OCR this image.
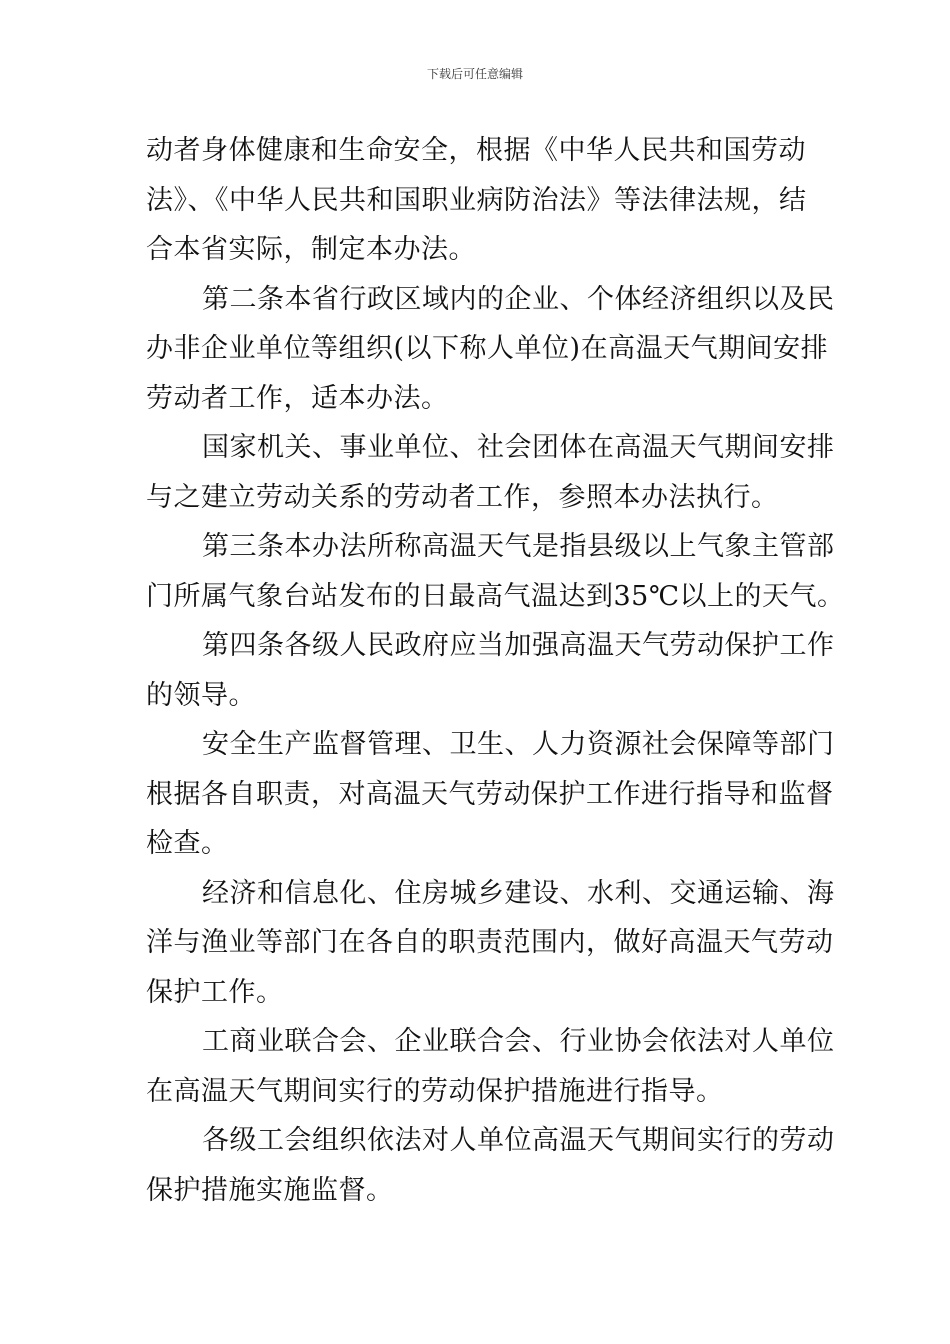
下载后可任意编辑
动者身体健康和生命安全，根据《中华人民共和国劳动
法》、《中华人民共和国职业病防治法》等法律法规，结
合本省实际，制定本办法。
第二条本省行政区域内的企业、个体经济组织以及民
办非企业单位等组织(以下称人单位)在高温天气期间安排
劳动者工作，适本办法。
国家机关、事业单位、社会团体在高温天气期间安排
与之建立劳动关系的劳动者工作，参照本办法执行。
第三条本办法所称高温天气是指县级以上气象主管部
门所属气象台站发布的日最高气温达到35℃以上的天气。
第四条各级人民政府应当加强高温天气劳动保护工作
的领导。
安全生产监督管理、卫生、人力资源社会保障等部门
根据各自职责，对高温天气劳动保护工作进行指导和监督
检查。
经济和信息化、住房城乡建设、水利、交通运输、海
洋与渔业等部门在各自的职责范围内，做好高温天气劳动
保护工作。
工商业联合会、企业联合会、行业协会依法对人单位
在高温天气期间实行的劳动保护措施进行指导。
各级工会组织依法对人单位高温天气期间实行的劳动
保护措施实施监督。
